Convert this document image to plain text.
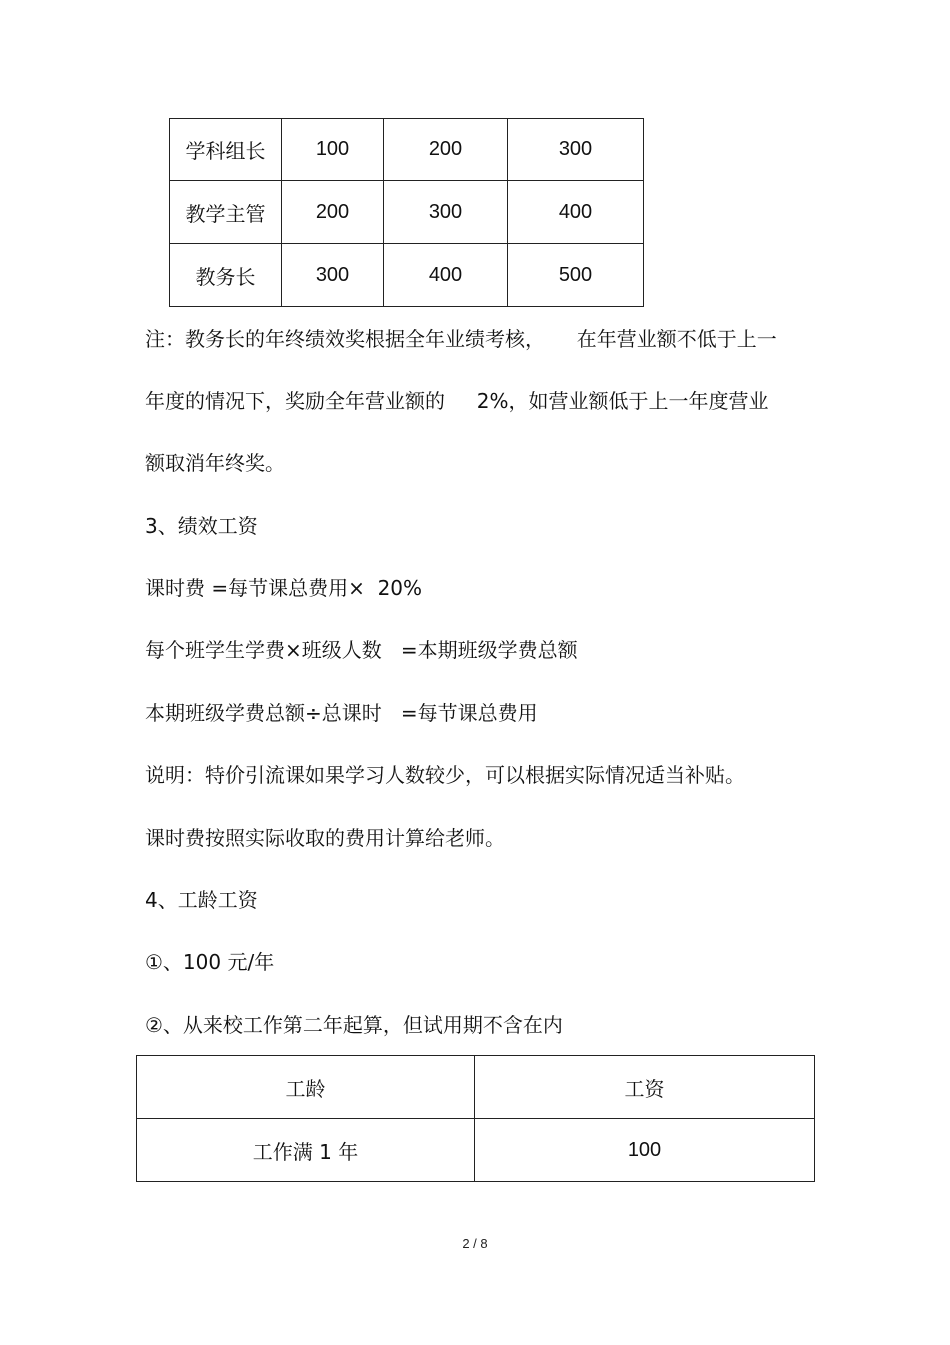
学科组长	100	200	300
教学主管	200	300	400
教务长	300	400	500
注：教务长的年终绩效奖根据全年业绩考核，     在年营业额不低于上一
年度的情况下，奖励全年营业额的     2%，如营业额低于上一年度营业
额取消年终奖。
3、绩效工资
课时费 =每节课总费用×  20%
每个班学生学费×班级人数   =本期班级学费总额
本期班级学费总额÷总课时   =每节课总费用
说明：特价引流课如果学习人数较少，可以根据实际情况适当补贴。
课时费按照实际收取的费用计算给老师。
4、工龄工资
①、100 元/年
②、从来校工作第二年起算，但试用期不含在内
工龄	工资
工作满 1 年	100
2 / 8
